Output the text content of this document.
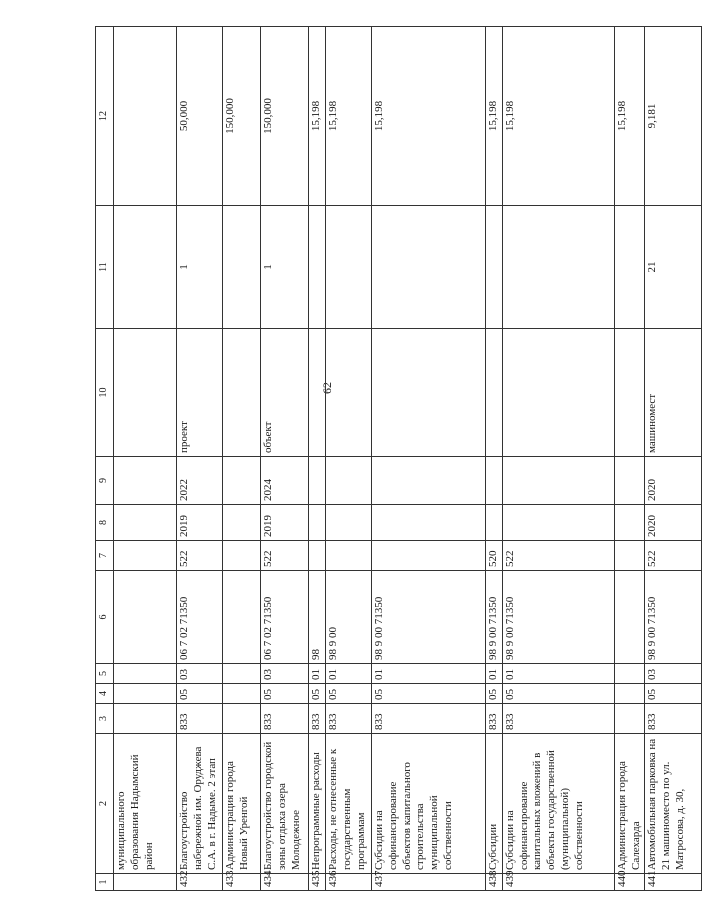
62
1	2	3	4	5	6	7	8	9	10	11	12
	муниципального образования Надымский район										
432	Благоустройство набережной им. Оруджева С.А. в г. Надыме. 2 этап	833	05	03	06 7 02 71350	522	2019	2022	проект	1	50,000
433	Администрация города Новый Уренгой										150,000
434	Благоустройство городской зоны отдыха озера Молодежное	833	05	03	06 7 02 71350	522	2019	2024	объект	1	150,000
435	Непрограммные расходы	833	05	01	98						15,198
436	Расходы, не отнесенные к государственным программам	833	05	01	98 9 00						15,198
437	Субсидии на софинансирование объектов капитального строительства муниципальной собственности	833	05	01	98 9 00 71350						15,198
438	Субсидии	833	05	01	98 9 00 71350	520					15,198
439	Субсидии на софинансирование капитальных вложений в объекты государственной (муниципальной) собственности	833	05	01	98 9 00 71350	522					15,198
440	Администрация города Салехарда										15,198
441	Автомобильная парковка на 21 машиноместо по ул. Матросова, д. 30,	833	05	03	98 9 00 71350	522	2020	2020	машиномест	21	9,181
